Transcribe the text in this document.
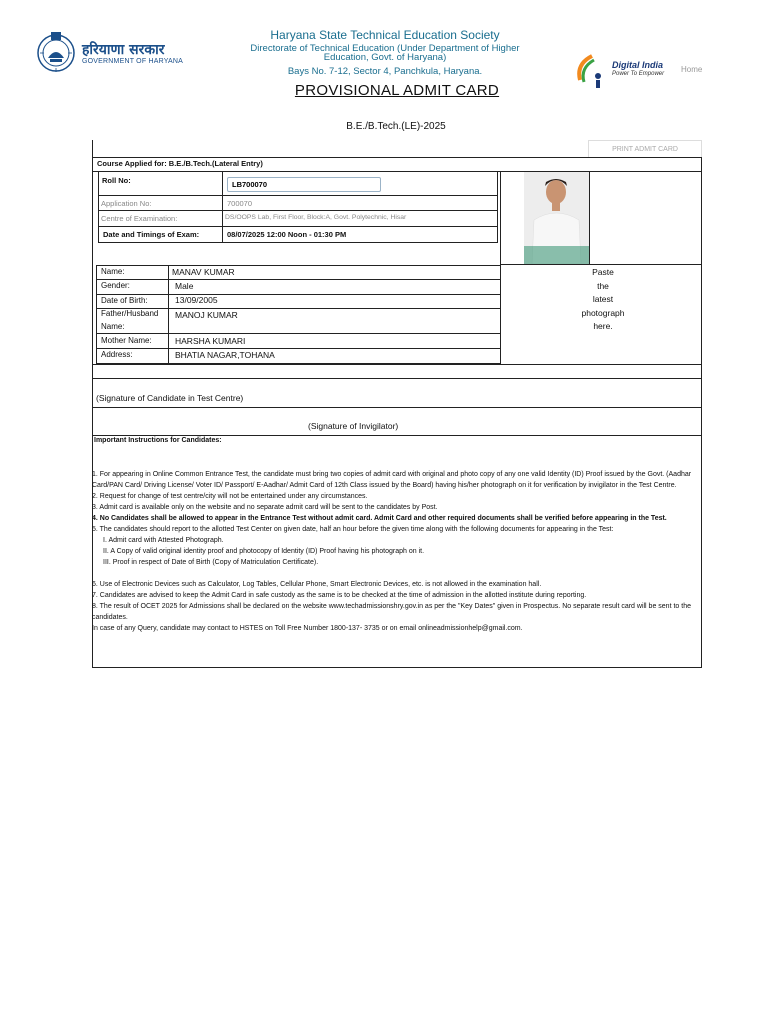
हरियाणा सरकार
GOVERNMENT OF HARYANA
Haryana State Technical Education Society
Directorate of Technical Education (Under Department of Higher Education, Govt. of Haryana)
Bays No. 7-12, Sector 4, Panchkula, Haryana.
Digital India
Power To Empower Home
PROVISIONAL ADMIT CARD
B.E./B.Tech.(LE)-2025
PRINT ADMIT CARD
Course Applied for: B.E./B.Tech.(Lateral Entry)
Roll No:
LB700070
Application No:	700070
Centre of Examination:	DS/OOPS Lab, First Floor, Block:A, Govt. Polytechnic, Hisar
Date and Timings of Exam:	08/07/2025 12:00 Noon - 01:30 PM
Paste
the
latest
photograph
here.
Name:	MANAV KUMAR
Gender:	Male
Date of Birth:	13/09/2005
Father/Husband
Name:
MANOJ KUMAR
Mother Name:	HARSHA KUMARI
Address:	BHATIA NAGAR,TOHANA
(Signature of Candidate in Test Centre)
(Signature of Invigilator)
Important Instructions for Candidates:

1. For appearing in Online Common Entrance Test, the candidate must bring two copies of admit card with original and photo copy of any one valid Identity (ID) Proof issued by the Govt. (Aadhar Card/PAN Card/ Driving License/ Voter ID/ Passport/ E-Aadhar/ Admit Card of 12th Class issued by the Board) having his/her photograph on it for verification by invigilator in the Test Centre.

2. Request for change of test centre/city will not be entertained under any circumstances.

3. Admit card is available only on the website and no separate admit card will be sent to the candidates by Post.

4. No Candidates shall be allowed to appear in the Entrance Test without admit card. Admit Card and other required documents shall be verified before appearing in the Test.

5. The candidates should report to the allotted Test Center on given date, half an hour before the given time along with the following documents for appearing in the Test:

I. Admit card with Attested Photograph.

II. A Copy of valid original identity proof and photocopy of Identity (ID) Proof having his photograph on it.

III. Proof in respect of Date of Birth (Copy of Matriculation Certificate).

6. Use of Electronic Devices such as Calculator, Log Tables, Cellular Phone, Smart Electronic Devices, etc. is not allowed in the examination hall.

7. Candidates are advised to keep the Admit Card in safe custody as the same is to be checked at the time of admission in the allotted institute during reporting.

8. The result of OCET 2025 for Admissions shall be declared on the website www.techadmissionshry.gov.in as per the "Key Dates" given in Prospectus. No separate result card will be sent to the candidates.

In case of any Query, candidate may contact to HSTES on Toll Free Number 1800-137- 3735 or on email onlineadmissionhelp@gmail.com.
